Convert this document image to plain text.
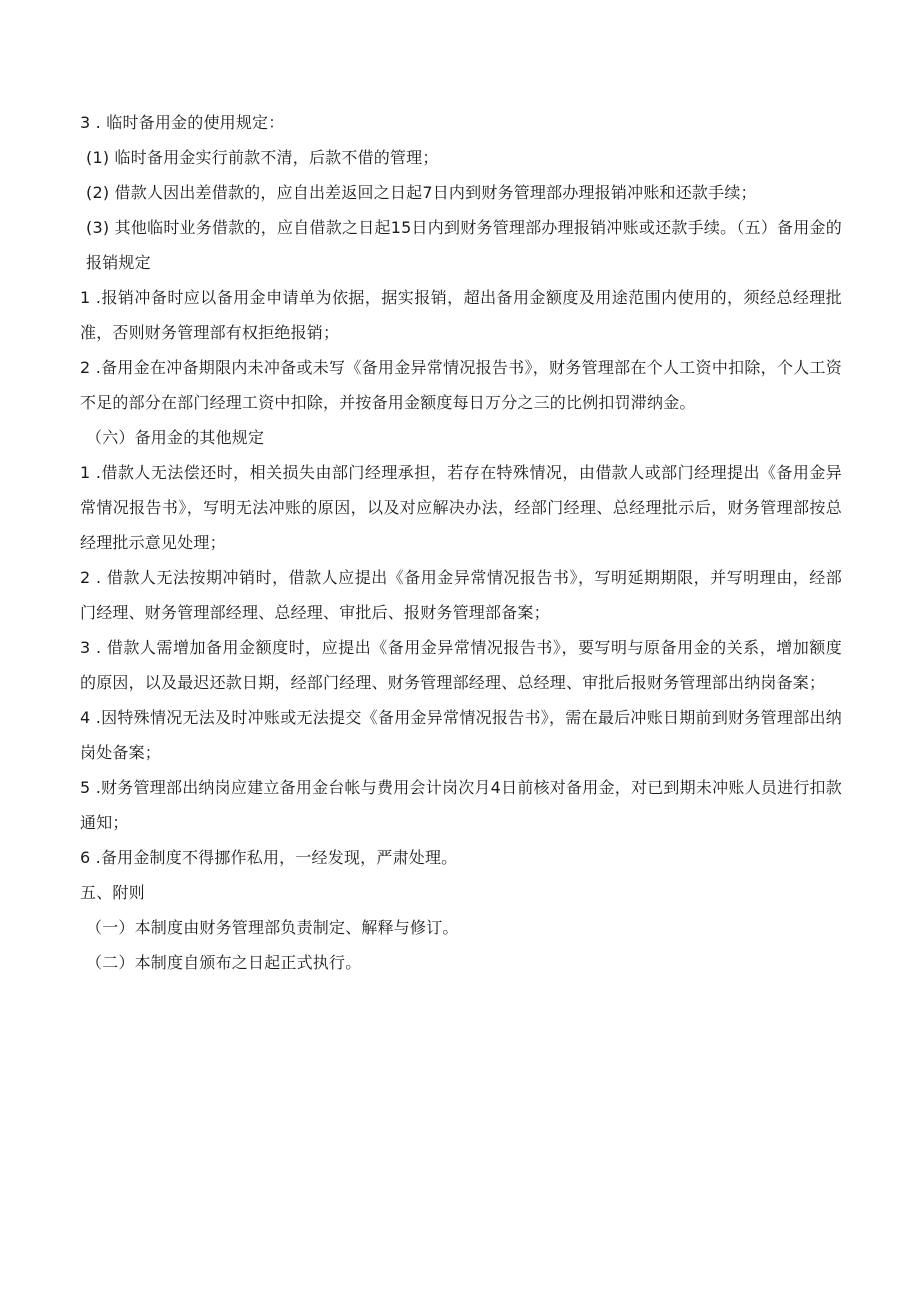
3 . 临时备用金的使用规定：

(1) 临时备用金实行前款不清，后款不借的管理；

(2) 借款人因出差借款的，应自出差返回之日起7日内到财务管理部办理报销冲账和还款手续；

(3) 其他临时业务借款的，应自借款之日起15日内到财务管理部办理报销冲账或还款手续。（五）备用金的报销规定

1 .报销冲备时应以备用金申请单为依据，据实报销，超出备用金额度及用途范围内使用的，须经总经理批准，否则财务管理部有权拒绝报销；

2 .备用金在冲备期限内未冲备或未写《备用金异常情况报告书》，财务管理部在个人工资中扣除，个人工资不足的部分在部门经理工资中扣除，并按备用金额度每日万分之三的比例扣罚滞纳金。

（六）备用金的其他规定

1 .借款人无法偿还时，相关损失由部门经理承担，若存在特殊情况，由借款人或部门经理提出《备用金异常情况报告书》，写明无法冲账的原因，以及对应解决办法，经部门经理、总经理批示后，财务管理部按总经理批示意见处理；

2 . 借款人无法按期冲销时，借款人应提出《备用金异常情况报告书》，写明延期期限，并写明理由，经部门经理、财务管理部经理、总经理、审批后、报财务管理部备案；

3 . 借款人需增加备用金额度时，应提出《备用金异常情况报告书》，要写明与原备用金的关系，增加额度的原因，以及最迟还款日期，经部门经理、财务管理部经理、总经理、审批后报财务管理部出纳岗备案；

4 .因特殊情况无法及时冲账或无法提交《备用金异常情况报告书》，需在最后冲账日期前到财务管理部出纳岗处备案；

5 .财务管理部出纳岗应建立备用金台帐与费用会计岗次月4日前核对备用金，对已到期未冲账人员进行扣款通知；

6 .备用金制度不得挪作私用，一经发现，严肃处理。

五、附则

（一）本制度由财务管理部负责制定、解释与修订。

（二）本制度自颁布之日起正式执行。
